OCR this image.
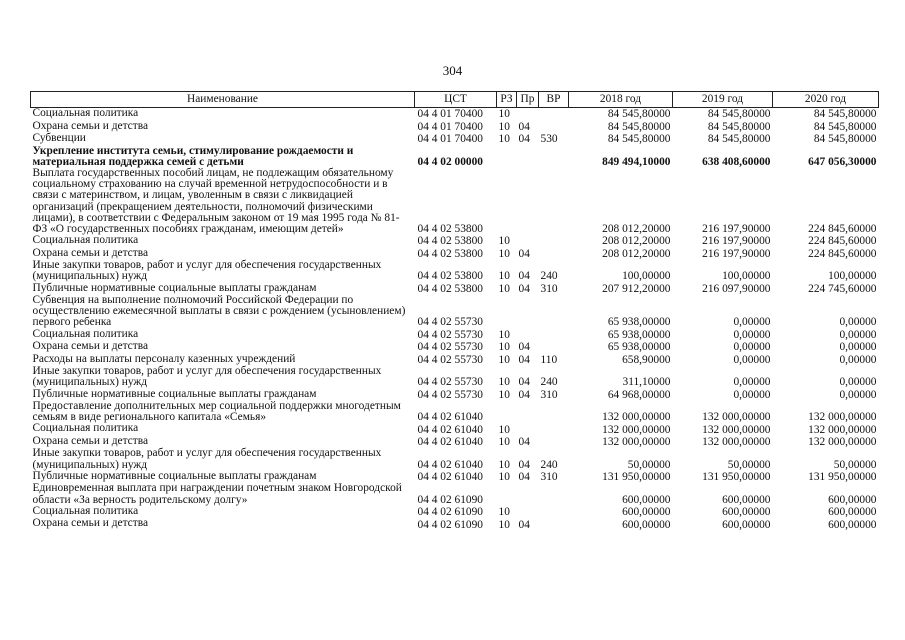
304
Наименование	ЦСТ	РЗ	Пр	ВР	2018 год	2019 год	2020 год
Социальная политика	04 4 01 70400	10			84 545,80000	84 545,80000	84 545,80000
Охрана семьи и детства	04 4 01 70400	10	04		84 545,80000	84 545,80000	84 545,80000
Субвенции	04 4 01 70400	10	04	530	84 545,80000	84 545,80000	84 545,80000
Укрепление института семьи, стимулирование рождаемости и материальная поддержка семей с детьми	04 4 02 00000				849 494,10000	638 408,60000	647 056,30000
Выплата государственных пособий лицам, не подлежащим обязательному социальному страхованию на случай временной нетрудоспособности и в связи с материнством, и лицам, уволенным в связи с ликвидацией организаций (прекращением деятельности, полномочий физическими лицами), в соответствии с Федеральным законом от 19 мая 1995 года № 81-ФЗ «О государственных пособиях гражданам, имеющим детей»	04 4 02 53800				208 012,20000	216 197,90000	224 845,60000
Социальная политика	04 4 02 53800	10			208 012,20000	216 197,90000	224 845,60000
Охрана семьи и детства	04 4 02 53800	10	04		208 012,20000	216 197,90000	224 845,60000
Иные закупки товаров, работ и услуг для обеспечения государственных (муниципальных) нужд	04 4 02 53800	10	04	240	100,00000	100,00000	100,00000
Публичные нормативные социальные выплаты гражданам	04 4 02 53800	10	04	310	207 912,20000	216 097,90000	224 745,60000
Субвенция на выполнение полномочий Российской Федерации по осуществлению ежемесячной выплаты в связи с рождением (усыновлением) первого ребенка	04 4 02 55730				65 938,00000	0,00000	0,00000
Социальная политика	04 4 02 55730	10			65 938,00000	0,00000	0,00000
Охрана семьи и детства	04 4 02 55730	10	04		65 938,00000	0,00000	0,00000
Расходы на выплаты персоналу казенных учреждений	04 4 02 55730	10	04	110	658,90000	0,00000	0,00000
Иные закупки товаров, работ и услуг для обеспечения государственных (муниципальных) нужд	04 4 02 55730	10	04	240	311,10000	0,00000	0,00000
Публичные нормативные социальные выплаты гражданам	04 4 02 55730	10	04	310	64 968,00000	0,00000	0,00000
Предоставление дополнительных мер социальной поддержки многодетным семьям в виде регионального капитала «Семья»	04 4 02 61040				132 000,00000	132 000,00000	132 000,00000
Социальная политика	04 4 02 61040	10			132 000,00000	132 000,00000	132 000,00000
Охрана семьи и детства	04 4 02 61040	10	04		132 000,00000	132 000,00000	132 000,00000
Иные закупки товаров, работ и услуг для обеспечения государственных (муниципальных) нужд	04 4 02 61040	10	04	240	50,00000	50,00000	50,00000
Публичные нормативные социальные выплаты гражданам	04 4 02 61040	10	04	310	131 950,00000	131 950,00000	131 950,00000
Единовременная выплата при награждении почетным знаком Новгородской области «За верность родительскому долгу»	04 4 02 61090				600,00000	600,00000	600,00000
Социальная политика	04 4 02 61090	10			600,00000	600,00000	600,00000
Охрана семьи и детства	04 4 02 61090	10	04		600,00000	600,00000	600,00000
